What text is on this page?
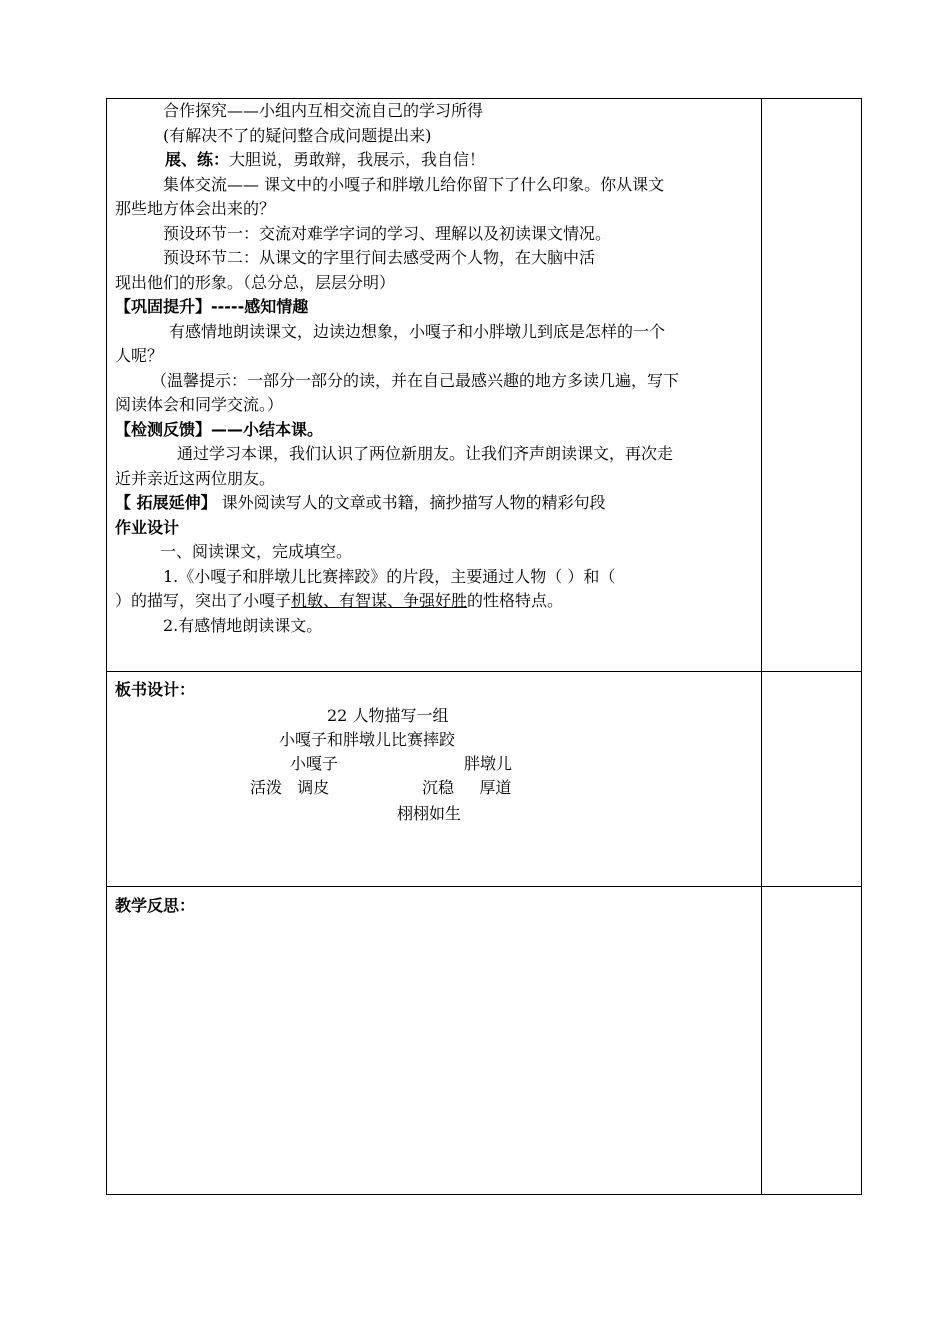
合作探究——小组内互相交流自己的学习所得

(有解决不了的疑问整合成问题提出来)

展、练：大胆说，勇敢辩，我展示，我自信！

集体交流—— 课文中的小嘎子和胖墩儿给你留下了什么印象。你从课文

那些地方体会出来的？

预设环节一：交流对难学字词的学习、理解以及初读课文情况。

预设环节二：从课文的字里行间去感受两个人物，在大脑中活

现出他们的形象。（总分总，层层分明）

【巩固提升】-----感知情趣

有感情地朗读课文，边读边想象，小嘎子和小胖墩儿到底是怎样的一个

人呢？

（温馨提示：一部分一部分的读，并在自己最感兴趣的地方多读几遍，写下

阅读体会和同学交流。）

【检测反馈】——小结本课。

通过学习本课，我们认识了两位新朋友。让我们齐声朗读课文，再次走

近并亲近这两位朋友。

【 拓展延伸】 课外阅读写人的文章或书籍，摘抄描写人物的精彩句段

作业设计

一、阅读课文，完成填空。

1.《小嘎子和胖墩儿比赛摔跤》的片段，主要通过人物（ ）和（

）的描写，突出了小嘎子机敏、有智谋、争强好胜的性格特点。

2.有感情地朗读课文。

板书设计：
22 人物描写一组
小嘎子和胖墩儿比赛摔跤
小嘎子	胖墩儿
活泼   调皮	沉稳     厚道
栩栩如生
教学反思：
